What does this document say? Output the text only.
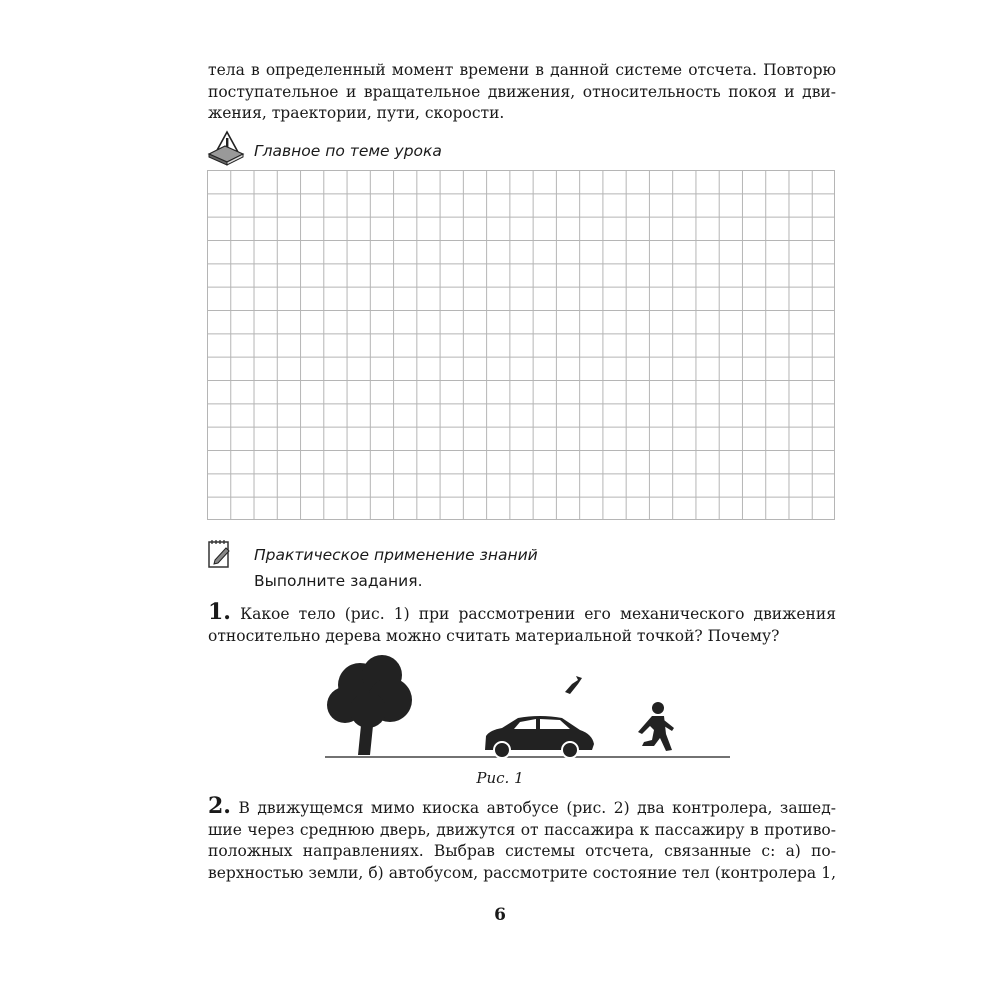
тела в определенный момент времени в данной системе отсчета. Повторю
поступательное и вращательное движения, относительность покоя и дви-
жения, траектории, пути, скорости.
Главное по теме урока
Практическое применение знаний
Выполните задания.
1. Какое тело (рис. 1) при рассмотрении его механического движения
относительно дерева можно считать материальной точкой? Почему?
Рис. 1
2. В движущемся мимо киоска автобусе (рис. 2) два контролера, зашед-
шие через среднюю дверь, движутся от пассажира к пассажиру в противо-
положных направлениях. Выбрав системы отсчета, связанные с: а) по-
верхностью земли, б) автобусом, рассмотрите состояние тел (контролера 1,
6
